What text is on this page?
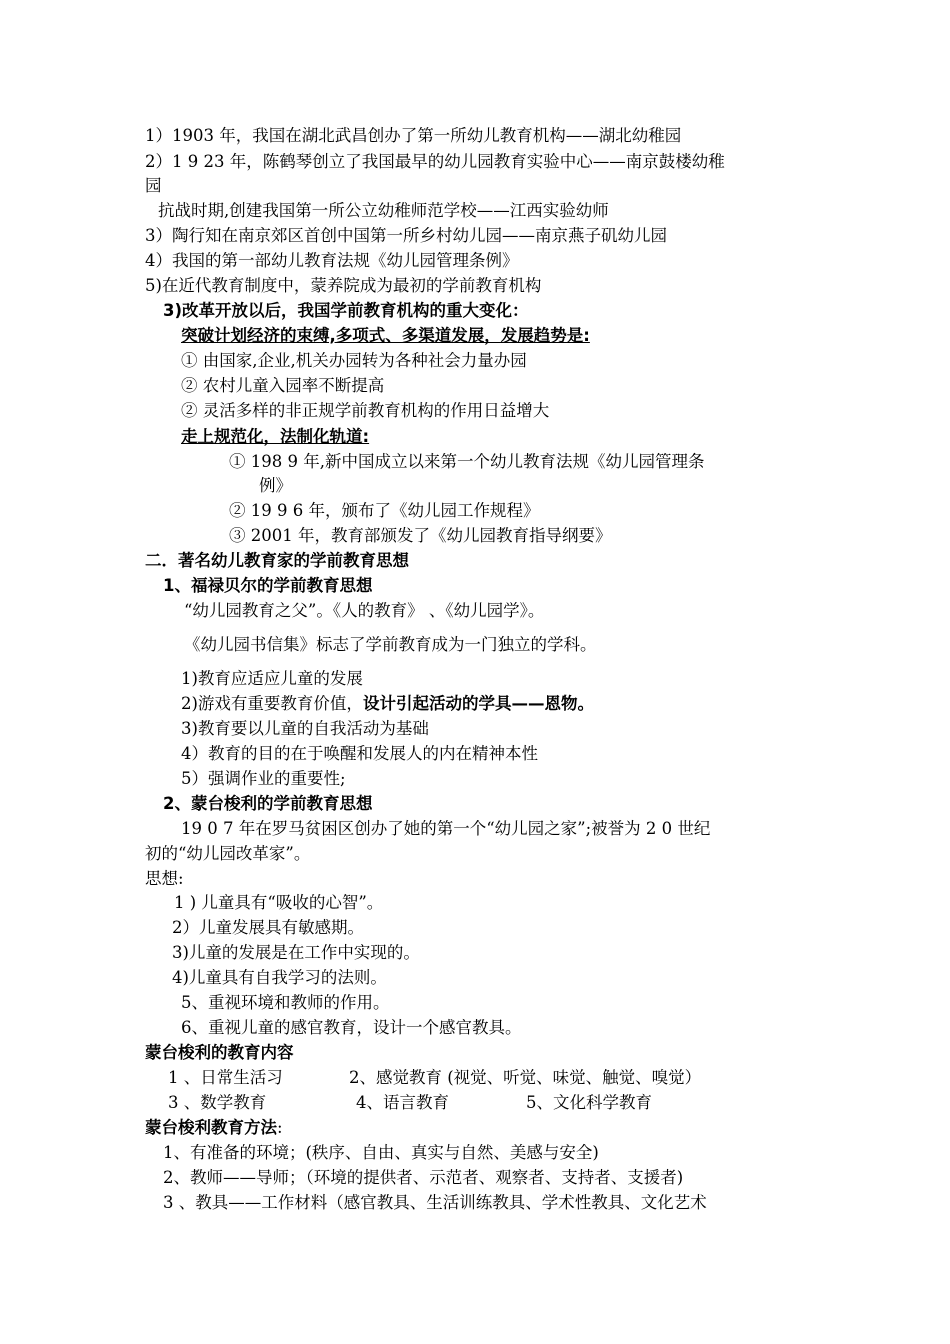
1）1903 年，我国在湖北武昌创办了第一所幼儿教育机构——湖北幼稚园
2）1 9 23 年，陈鹤琴创立了我国最早的幼儿园教育实验中心——南京鼓楼幼稚
园
抗战时期,创建我国第一所公立幼稚师范学校——江西实验幼师
3）陶行知在南京郊区首创中国第一所乡村幼儿园——南京燕子矶幼儿园
4）我国的第一部幼儿教育法规《幼儿园管理条例》
5)在近代教育制度中，蒙养院成为最初的学前教育机构
3)改革开放以后，我国学前教育机构的重大变化：
突破计划经济的束缚,多项式、多渠道发展，发展趋势是:
① 由国家,企业,机关办园转为各种社会力量办园
② 农村儿童入园率不断提高
② 灵活多样的非正规学前教育机构的作用日益增大
走上规范化，法制化轨道:
① 198 9 年,新中国成立以来第一个幼儿教育法规《幼儿园管理条
例》
② 19 9 6 年，颁布了《幼儿园工作规程》
③ 2001 年，教育部颁发了《幼儿园教育指导纲要》
二．著名幼儿教育家的学前教育思想
1、福禄贝尔的学前教育思想
“幼儿园教育之父”。《人的教育》 、《幼儿园学》。
《幼儿园书信集》标志了学前教育成为一门独立的学科。
1)教育应适应儿童的发展
2)游戏有重要教育价值，设计引起活动的学具——恩物。
3)教育要以儿童的自我活动为基础
4）教育的目的在于唤醒和发展人的内在精神本性
5）强调作业的重要性;
2、蒙台梭利的学前教育思想
19 0 7 年在罗马贫困区创办了她的第一个“幼儿园之家”;被誉为 2 0 世纪
初的“幼儿园改革家”。
思想:
1 ) 儿童具有“吸收的心智”。
2）儿童发展具有敏感期。
3)儿童的发展是在工作中实现的。
4)儿童具有自我学习的法则。
5、重视环境和教师的作用。
6、重视儿童的感官教育，设计一个感官教具。
蒙台梭利的教育内容
1 、日常生活习	2、感觉教育 (视觉、听觉、味觉、触觉、嗅觉）
3 、数学教育	4、语言教育	5、文化科学教育
蒙台梭利教育方法:
1、有准备的环境；(秩序、自由、真实与自然、美感与安全)
2、教师——导师；（环境的提供者、示范者、观察者、支持者、支援者)
3 、教具——工作材料（感官教具、生活训练教具、学术性教具、文化艺术
